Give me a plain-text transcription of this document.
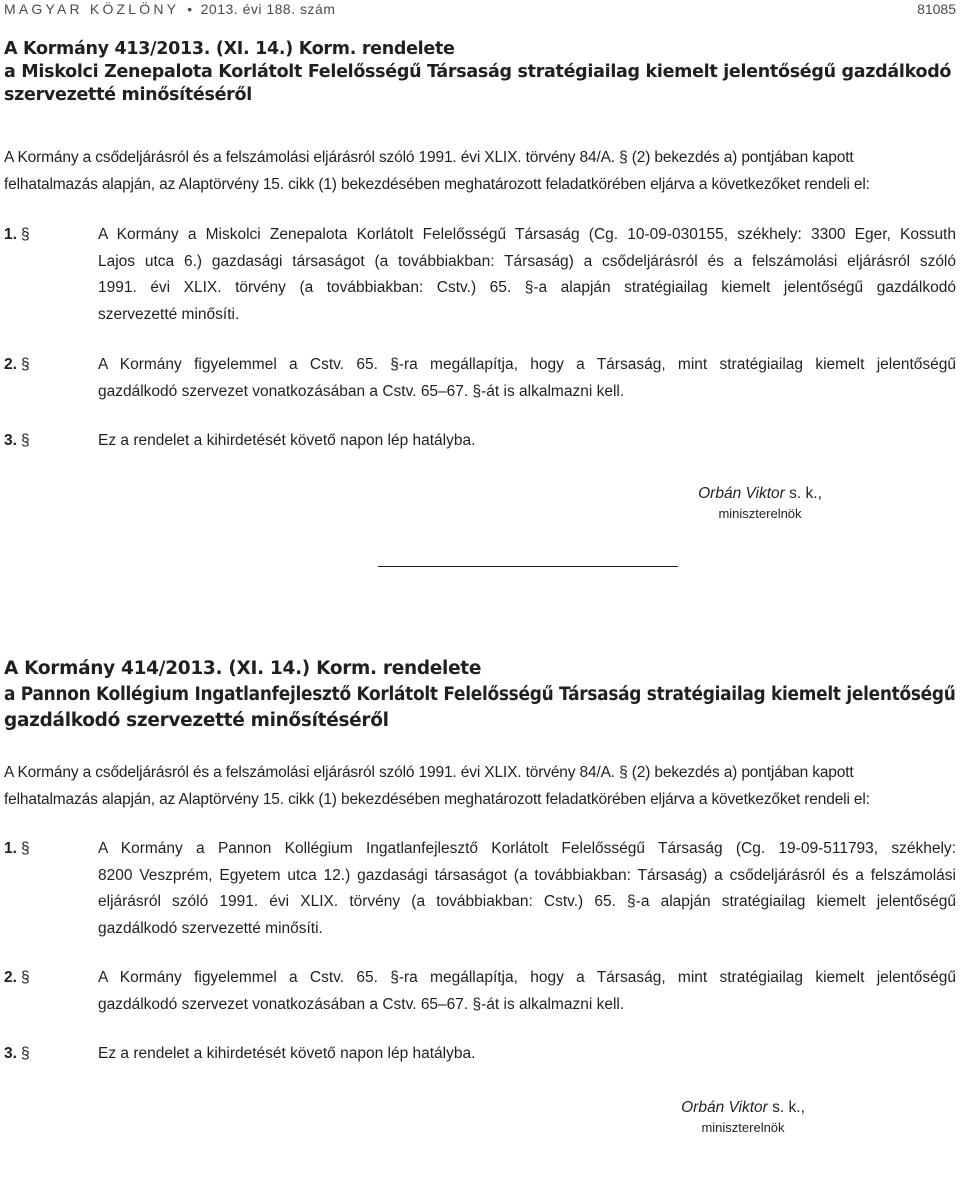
MAGYAR KÖZLÖNY • 2013. évi 188. szám	81085
A Kormány 413/2013. (XI. 14.) Korm. rendelete
a Miskolci Zenepalota Korlátolt Felelősségű Társaság stratégiailag kiemelt jelentőségű gazdálkodó
szervezetté minősítéséről
A Kormány a csődeljárásról és a felszámolási eljárásról szóló 1991. évi XLIX. törvény 84/A. § (2) bekezdés a) pontjában kapott
felhatalmazás alapján, az Alaptörvény 15. cikk (1) bekezdésében meghatározott feladatkörében eljárva a következőket rendeli el:
1. §	A Kormány a Miskolci Zenepalota Korlátolt Felelősségű Társaság (Cg. 10-09-030155, székhely: 3300 Eger, Kossuth
Lajos utca 6.) gazdasági társaságot (a továbbiakban: Társaság) a csődeljárásról és a felszámolási eljárásról szóló
1991. évi XLIX. törvény (a továbbiakban: Cstv.) 65. §-a alapján stratégiailag kiemelt jelentőségű gazdálkodó
szervezetté minősíti.
2. §	A Kormány figyelemmel a Cstv. 65. §-ra megállapítja, hogy a Társaság, mint stratégiailag kiemelt jelentőségű
gazdálkodó szervezet vonatkozásában a Cstv. 65–67. §-át is alkalmazni kell.
3. §	Ez a rendelet a kihirdetését követő napon lép hatályba.
Orbán Viktor s. k.,
miniszterelnök
A Kormány 414/2013. (XI. 14.) Korm. rendelete
a Pannon Kollégium Ingatlanfejlesztő Korlátolt Felelősségű Társaság stratégiailag kiemelt jelentőségű
gazdálkodó szervezetté minősítéséről
A Kormány a csődeljárásról és a felszámolási eljárásról szóló 1991. évi XLIX. törvény 84/A. § (2) bekezdés a) pontjában kapott
felhatalmazás alapján, az Alaptörvény 15. cikk (1) bekezdésében meghatározott feladatkörében eljárva a következőket rendeli el:
1. §	A Kormány a Pannon Kollégium Ingatlanfejlesztő Korlátolt Felelősségű Társaság (Cg. 19-09-511793, székhely:
8200 Veszprém, Egyetem utca 12.) gazdasági társaságot (a továbbiakban: Társaság) a csődeljárásról és a felszámolási
eljárásról szóló 1991. évi XLIX. törvény (a továbbiakban: Cstv.) 65. §-a alapján stratégiailag kiemelt jelentőségű
gazdálkodó szervezetté minősíti.
2. §	A Kormány figyelemmel a Cstv. 65. §-ra megállapítja, hogy a Társaság, mint stratégiailag kiemelt jelentőségű
gazdálkodó szervezet vonatkozásában a Cstv. 65–67. §-át is alkalmazni kell.
3. §	Ez a rendelet a kihirdetését követő napon lép hatályba.
Orbán Viktor s. k.,
miniszterelnök
